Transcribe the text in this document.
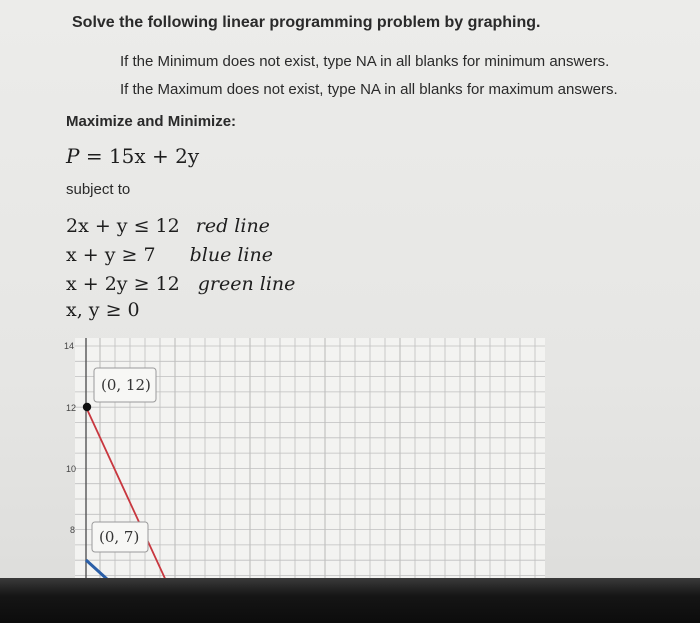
Solve the following linear programming problem by graphing.
If the Minimum does not exist, type NA in all blanks for minimum answers.
If the Maximum does not exist, type NA in all blanks for maximum answers.
Maximize and Minimize:
P = 15x + 2y
subject to
2x + y ≤ 12 red line
x + y ≥ 7 blue line
x + 2y ≥ 12 green line
x, y ≥ 0
14
12
10
8
(0, 12)
(0, 7)
